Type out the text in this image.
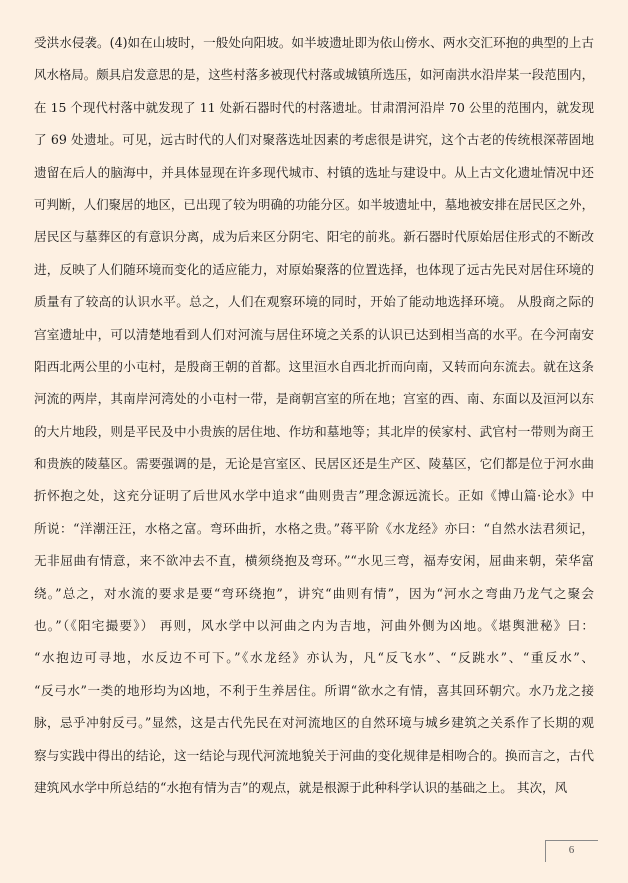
受洪水侵袭。(4)如在山坡时，一般处向阳坡。如半坡遗址即为依山傍水、两水交汇环抱的典型的上古
风水格局。颇具启发意思的是，这些村落多被现代村落或城镇所选压，如河南洪水沿岸某一段范围内，
在 15 个现代村落中就发现了 11 处新石器时代的村落遗址。甘肃渭河沿岸 70 公里的范围内，就发现
了 69 处遗址。可见，远古时代的人们对聚落选址因素的考虑很是讲究，这个古老的传统根深蒂固地
遗留在后人的脑海中，并具体显现在许多现代城市、村镇的选址与建设中。从上古文化遗址情况中还
可判断，人们聚居的地区，已出现了较为明确的功能分区。如半坡遗址中，墓地被安排在居民区之外，
居民区与墓葬区的有意识分离，成为后来区分阴宅、阳宅的前兆。新石器时代原始居住形式的不断改
进，反映了人们随环境而变化的适应能力，对原始聚落的位置选择，也体现了远古先民对居住环境的
质量有了较高的认识水平。总之，人们在观察环境的同时，开始了能动地选择环境。 从殷商之际的
宫室遗址中，可以清楚地看到人们对河流与居住环境之关系的认识已达到相当高的水平。在今河南安
阳西北两公里的小屯村，是殷商王朝的首都。这里洹水自西北折而向南，又转而向东流去。就在这条
河流的两岸，其南岸河湾处的小屯村一带，是商朝宫室的所在地；宫室的西、南、东面以及洹河以东
的大片地段，则是平民及中小贵族的居住地、作坊和墓地等；其北岸的侯家村、武官村一带则为商王
和贵族的陵墓区。需要强调的是，无论是宫室区、民居区还是生产区、陵墓区，它们都是位于河水曲
折怀抱之处，这充分证明了后世风水学中追求“曲则贵吉”理念源远流长。正如《博山篇·论水》中
所说：“洋潮汪汪，水格之富。弯环曲折，水格之贵。”蒋平阶《水龙经》亦曰：“自然水法君须记，
无非屈曲有情意，来不欲冲去不直，横须绕抱及弯环。”“水见三弯，福寿安闲，屈曲来朝，荣华富
绕。”总之，对水流的要求是要“弯环绕抱”，讲究“曲则有情”，因为“河水之弯曲乃龙气之聚会
也。”（《阳宅撮要》） 再则，风水学中以河曲之内为吉地，河曲外侧为凶地。《堪舆泄秘》曰：
“水抱边可寻地，水反边不可下。”《水龙经》亦认为，凡“反飞水”、“反跳水”、“重反水”、
“反弓水”一类的地形均为凶地，不利于生养居住。所谓“欲水之有情，喜其回环朝穴。水乃龙之接
脉，忌乎冲射反弓。”显然，这是古代先民在对河流地区的自然环境与城乡建筑之关系作了长期的观
察与实践中得出的结论，这一结论与现代河流地貌关于河曲的变化规律是相吻合的。换而言之，古代
建筑风水学中所总结的“水抱有情为吉”的观点，就是根源于此种科学认识的基础之上。 其次，风
6
